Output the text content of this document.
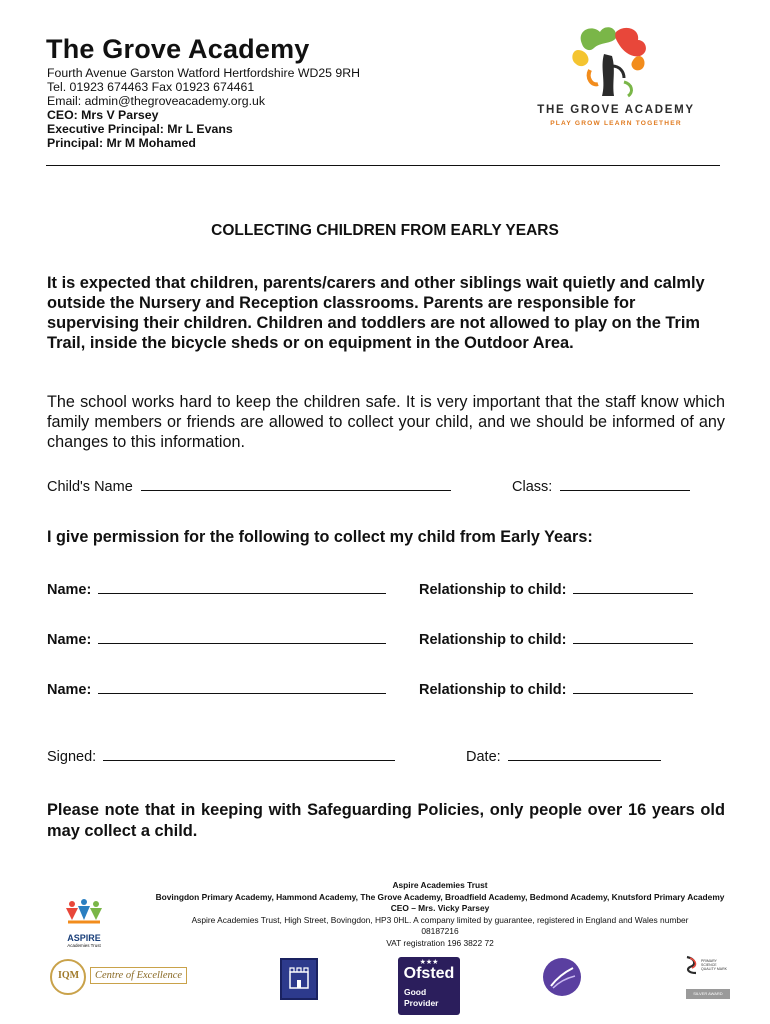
The Grove Academy
Fourth Avenue Garston Watford Hertfordshire WD25 9RH
Tel. 01923 674463 Fax 01923 674461
Email: admin@thegroveacademy.org.uk
CEO: Mrs V Parsey
Executive Principal: Mr L Evans
Principal: Mr M Mohamed
THE GROVE ACADEMY
PLAY GROW LEARN TOGETHER
COLLECTING CHILDREN FROM EARLY YEARS
It is expected that children, parents/carers and other siblings wait quietly and calmly outside the Nursery and Reception classrooms. Parents are responsible for supervising their children. Children and toddlers are not allowed to play on the Trim Trail, inside the bicycle sheds or on equipment in the Outdoor Area.
The school works hard to keep the children safe. It is very important that the staff know which family members or friends are allowed to collect your child, and we should be informed of any changes to this information.
Child's Name	Class:
I give permission for the following to collect my child from Early Years:
Name:	Relationship to child:
Name:	Relationship to child:
Name:	Relationship to child:
Signed:	Date:
Please note that in keeping with Safeguarding Policies, only people over 16 years old may collect a child.
Aspire Academies Trust
Bovingdon Primary Academy, Hammond Academy, The Grove Academy, Broadfield Academy, Bedmond Academy, Knutsford Primary Academy
CEO – Mrs. Vicky Parsey
Aspire Academies Trust, High Street, Bovingdon, HP3 0HL. A company limited by guarantee, registered in England and Wales number
08187216
VAT registration 196 3822 72
ASPIRE
Academies Trust
IQM	Centre of Excellence
★★★
Ofsted
Good
Provider
PRIMARY SCIENCE QUALITY MARK
SILVER AWARD
